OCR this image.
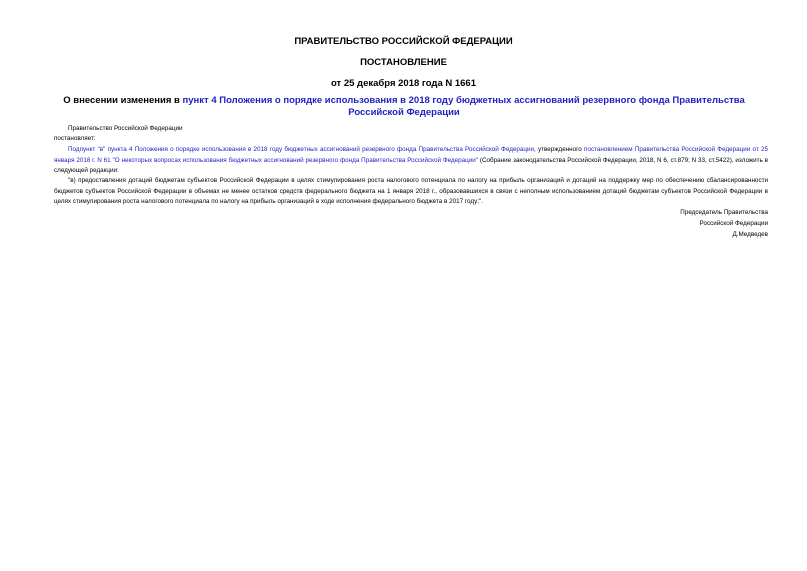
ПРАВИТЕЛЬСТВО РОССИЙСКОЙ ФЕДЕРАЦИИ
ПОСТАНОВЛЕНИЕ
от 25 декабря 2018 года N 1661
О внесении изменения в пункт 4 Положения о порядке использования в 2018 году бюджетных ассигнований резервного фонда Правительства Российской Федерации
Правительство Российской Федерации
постановляет:
Подпункт "в" пункта 4 Положения о порядке использования в 2018 году бюджетных ассигнований резервного фонда Правительства Российской Федерации, утвержденного постановлением Правительства Российской Федерации от 25 января 2018 г. N 61 "О некоторых вопросах использования бюджетных ассигнований резервного фонда Правительства Российской Федерации" (Собрание законодательства Российской Федерации, 2018, N 6, ст.879; N 33, ст.5422), изложить в следующей редакции:
"в) предоставления дотаций бюджетам субъектов Российской Федерации в целях стимулирования роста налогового потенциала по налогу на прибыль организаций и дотаций на поддержку мер по обеспечению сбалансированности бюджетов субъектов Российской Федерации в объемах не менее остатков средств федерального бюджета на 1 января 2018 г., образовавшихся в связи с неполным использованием дотаций бюджетам субъектов Российской Федерации в целях стимулирования роста налогового потенциала по налогу на прибыль организаций в ходе исполнения федерального бюджета в 2017 году;".
Председатель Правительства
Российской Федерации
Д.Медведев
